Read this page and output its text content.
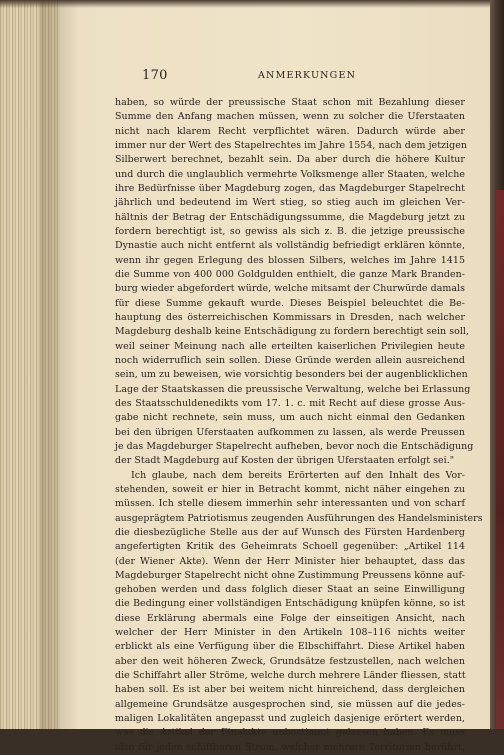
170	ANMERKUNGEN
haben, so würde der preussische Staat schon mit Bezahlung dieser
Summe den Anfang machen müssen, wenn zu solcher die Uferstaaten
nicht nach klarem Recht verpflichtet wären. Dadurch würde aber
immer nur der Wert des Stapelrechtes im Jahre 1554, nach dem jetzigen
Silberwert berechnet, bezahlt sein. Da aber durch die höhere Kultur
und durch die unglaublich vermehrte Volksmenge aller Staaten, welche
ihre Bedürfnisse über Magdeburg zogen, das Magdeburger Stapelrecht
jährlich und bedeutend im Wert stieg, so stieg auch im gleichen Ver-
hältnis der Betrag der Entschädigungssumme, die Magdeburg jetzt zu
fordern berechtigt ist, so gewiss als sich z. B. die jetzige preussische
Dynastie auch nicht entfernt als vollständig befriedigt erklären könnte,
wenn ihr gegen Erlegung des blossen Silbers, welches im Jahre 1415
die Summe von 400 000 Goldgulden enthielt, die ganze Mark Branden-
burg wieder abgefordert würde, welche mitsamt der Churwürde damals
für diese Summe gekauft wurde. Dieses Beispiel beleuchtet die Be-
hauptung des österreichischen Kommissars in Dresden, nach welcher
Magdeburg deshalb keine Entschädigung zu fordern berechtigt sein soll,
weil seiner Meinung nach alle erteilten kaiserlichen Privilegien heute
noch widerruflich sein sollen. Diese Gründe werden allein ausreichend
sein, um zu beweisen, wie vorsichtig besonders bei der augenblicklichen
Lage der Staatskassen die preussische Verwaltung, welche bei Erlassung
des Staatsschuldenedikts vom 17. 1. c. mit Recht auf diese grosse Aus-
gabe nicht rechnete, sein muss, um auch nicht einmal den Gedanken
bei den übrigen Uferstaaten aufkommen zu lassen, als werde Preussen
je das Magdeburger Stapelrecht aufheben, bevor noch die Entschädigung
der Stadt Magdeburg auf Kosten der übrigen Uferstaaten erfolgt sei."
Ich glaube, nach dem bereits Erörterten auf den Inhalt des Vor-
stehenden, soweit er hier in Betracht kommt, nicht näher eingehen zu
müssen. Ich stelle diesem immerhin sehr interessanten und von scharf
ausgeprägtem Patriotismus zeugenden Ausführungen des Handelsministers
die diesbezügliche Stelle aus der auf Wunsch des Fürsten Hardenberg
angefertigten Kritik des Geheimrats Schoell gegenüber: „Artikel 114
(der Wiener Akte). Wenn der Herr Minister hier behauptet, dass das
Magdeburger Stapelrecht nicht ohne Zustimmung Preussens könne auf-
gehoben werden und dass folglich dieser Staat an seine Einwilligung
die Bedingung einer vollständigen Entschädigung knüpfen könne, so ist
diese Erklärung abermals eine Folge der einseitigen Ansicht, nach
welcher der Herr Minister in den Artikeln 108–116 nichts weiter
erblickt als eine Verfügung über die Elbschiffahrt. Diese Artikel haben
aber den weit höheren Zweck, Grundsätze festzustellen, nach welchen
die Schiffahrt aller Ströme, welche durch mehrere Länder fliessen, statt
haben soll. Es ist aber bei weitem nicht hinreichend, dass dergleichen
allgemeine Grundsätze ausgesprochen sind, sie müssen auf die jedes-
maligen Lokalitäten angepasst und zugleich dasjenige erörtert werden,
was die Artikel der Finalakte unbestimmt gelassen haben. Es muss
also für jeden schiffbaren Strom, welcher mehrere Territorien berührt,
